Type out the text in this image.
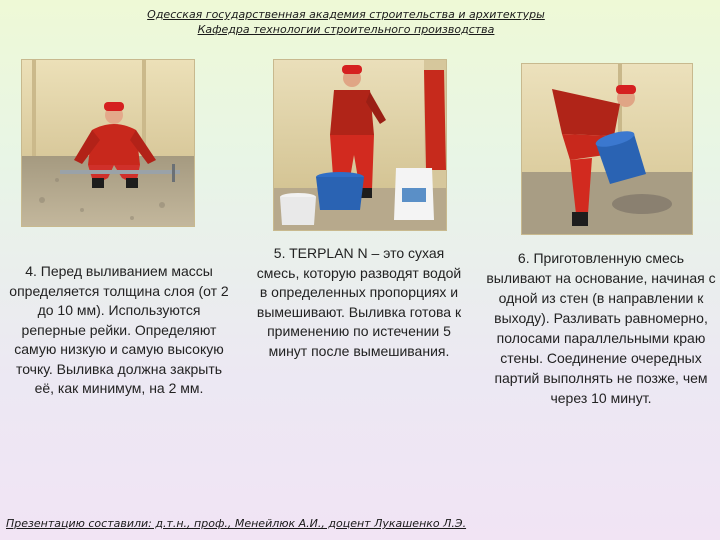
Одесская государственная академия строительства и архитектуры
Кафедра технологии строительного производства
4. Перед выливанием массы определяется толщина слоя (от 2 до 10 мм). Используются реперные рейки. Определяют самую низкую и самую высокую точку. Выливка должна закрыть её, как минимум, на 2 мм.
5. TERPLAN N – это сухая смесь, которую разводят водой в определенных пропорциях и вымешивают. Выливка готова к применению по истечении 5 минут после вымешивания.
6. Приготовленную смесь выливают на основание, начиная с одной из стен (в направлении к выходу). Разливать равномерно, полосами параллельными краю стены. Соединение очередных партий выполнять не позже, чем через 10 минут.
Презентацию составили: д.т.н., проф., Менейлюк А.И., доцент Лукашенко Л.Э.
